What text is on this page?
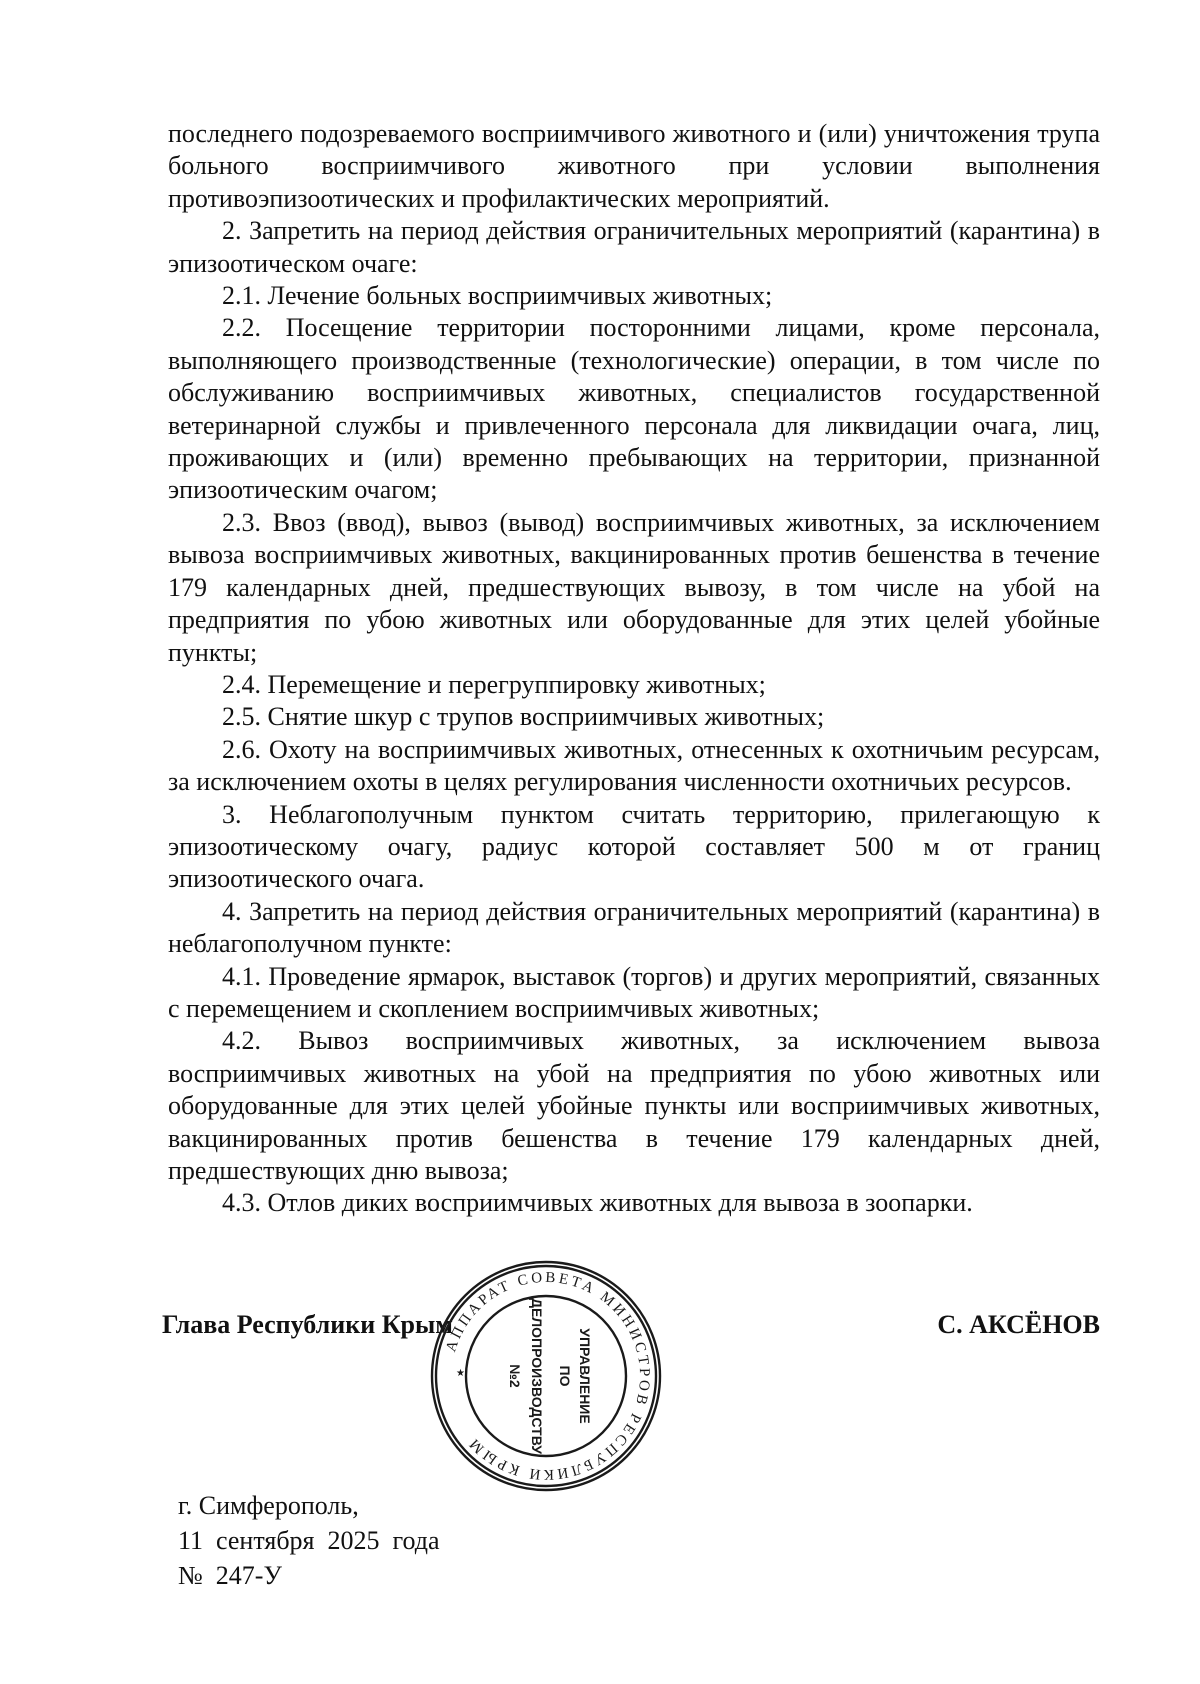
последнего подозреваемого восприимчивого животного и (или) уничтожения трупа больного восприимчивого животного при условии выполнения противоэпизоотических и профилактических мероприятий.

2. Запретить на период действия ограничительных мероприятий (карантина) в эпизоотическом очаге:

2.1. Лечение больных восприимчивых животных;

2.2. Посещение территории посторонними лицами, кроме персонала, выполняющего производственные (технологические) операции, в том числе по обслуживанию восприимчивых животных, специалистов государственной ветеринарной службы и привлеченного персонала для ликвидации очага, лиц, проживающих и (или) временно пребывающих на территории, признанной эпизоотическим очагом;

2.3. Ввоз (ввод), вывоз (вывод) восприимчивых животных, за исключением вывоза восприимчивых животных, вакцинированных против бешенства в течение 179 календарных дней, предшествующих вывозу, в том числе на убой на предприятия по убою животных или оборудованные для этих целей убойные пункты;

2.4. Перемещение и перегруппировку животных;

2.5. Снятие шкур с трупов восприимчивых животных;

2.6. Охоту на восприимчивых животных, отнесенных к охотничьим ресурсам, за исключением охоты в целях регулирования численности охотничьих ресурсов.

3. Неблагополучным пунктом считать территорию, прилегающую к эпизоотическому очагу, радиус которой составляет 500 м от границ эпизоотического очага.

4. Запретить на период действия ограничительных мероприятий (карантина) в неблагополучном пункте:

4.1. Проведение ярмарок, выставок (торгов) и других мероприятий, связанных с перемещением и скоплением восприимчивых животных;

4.2. Вывоз восприимчивых животных, за исключением вывоза восприимчивых животных на убой на предприятия по убою животных или оборудованные для этих целей убойные пункты или восприимчивых животных, вакцинированных против бешенства в течение 179 календарных дней, предшествующих дню вывоза;

4.3. Отлов диких восприимчивых животных для вывоза в зоопарки.

Глава Республики Крым	С. АКСЁНОВ
АППАРАТ СОВЕТА МИНИСТРОВ РЕСПУБЛИКИ КРЫМ
УПРАВЛЕНИЕ
ПО
ДЕЛОПРОИЗВОДСТВУ
№2
★
г. Симферополь,
11  сентября  2025  года
№  247-У
